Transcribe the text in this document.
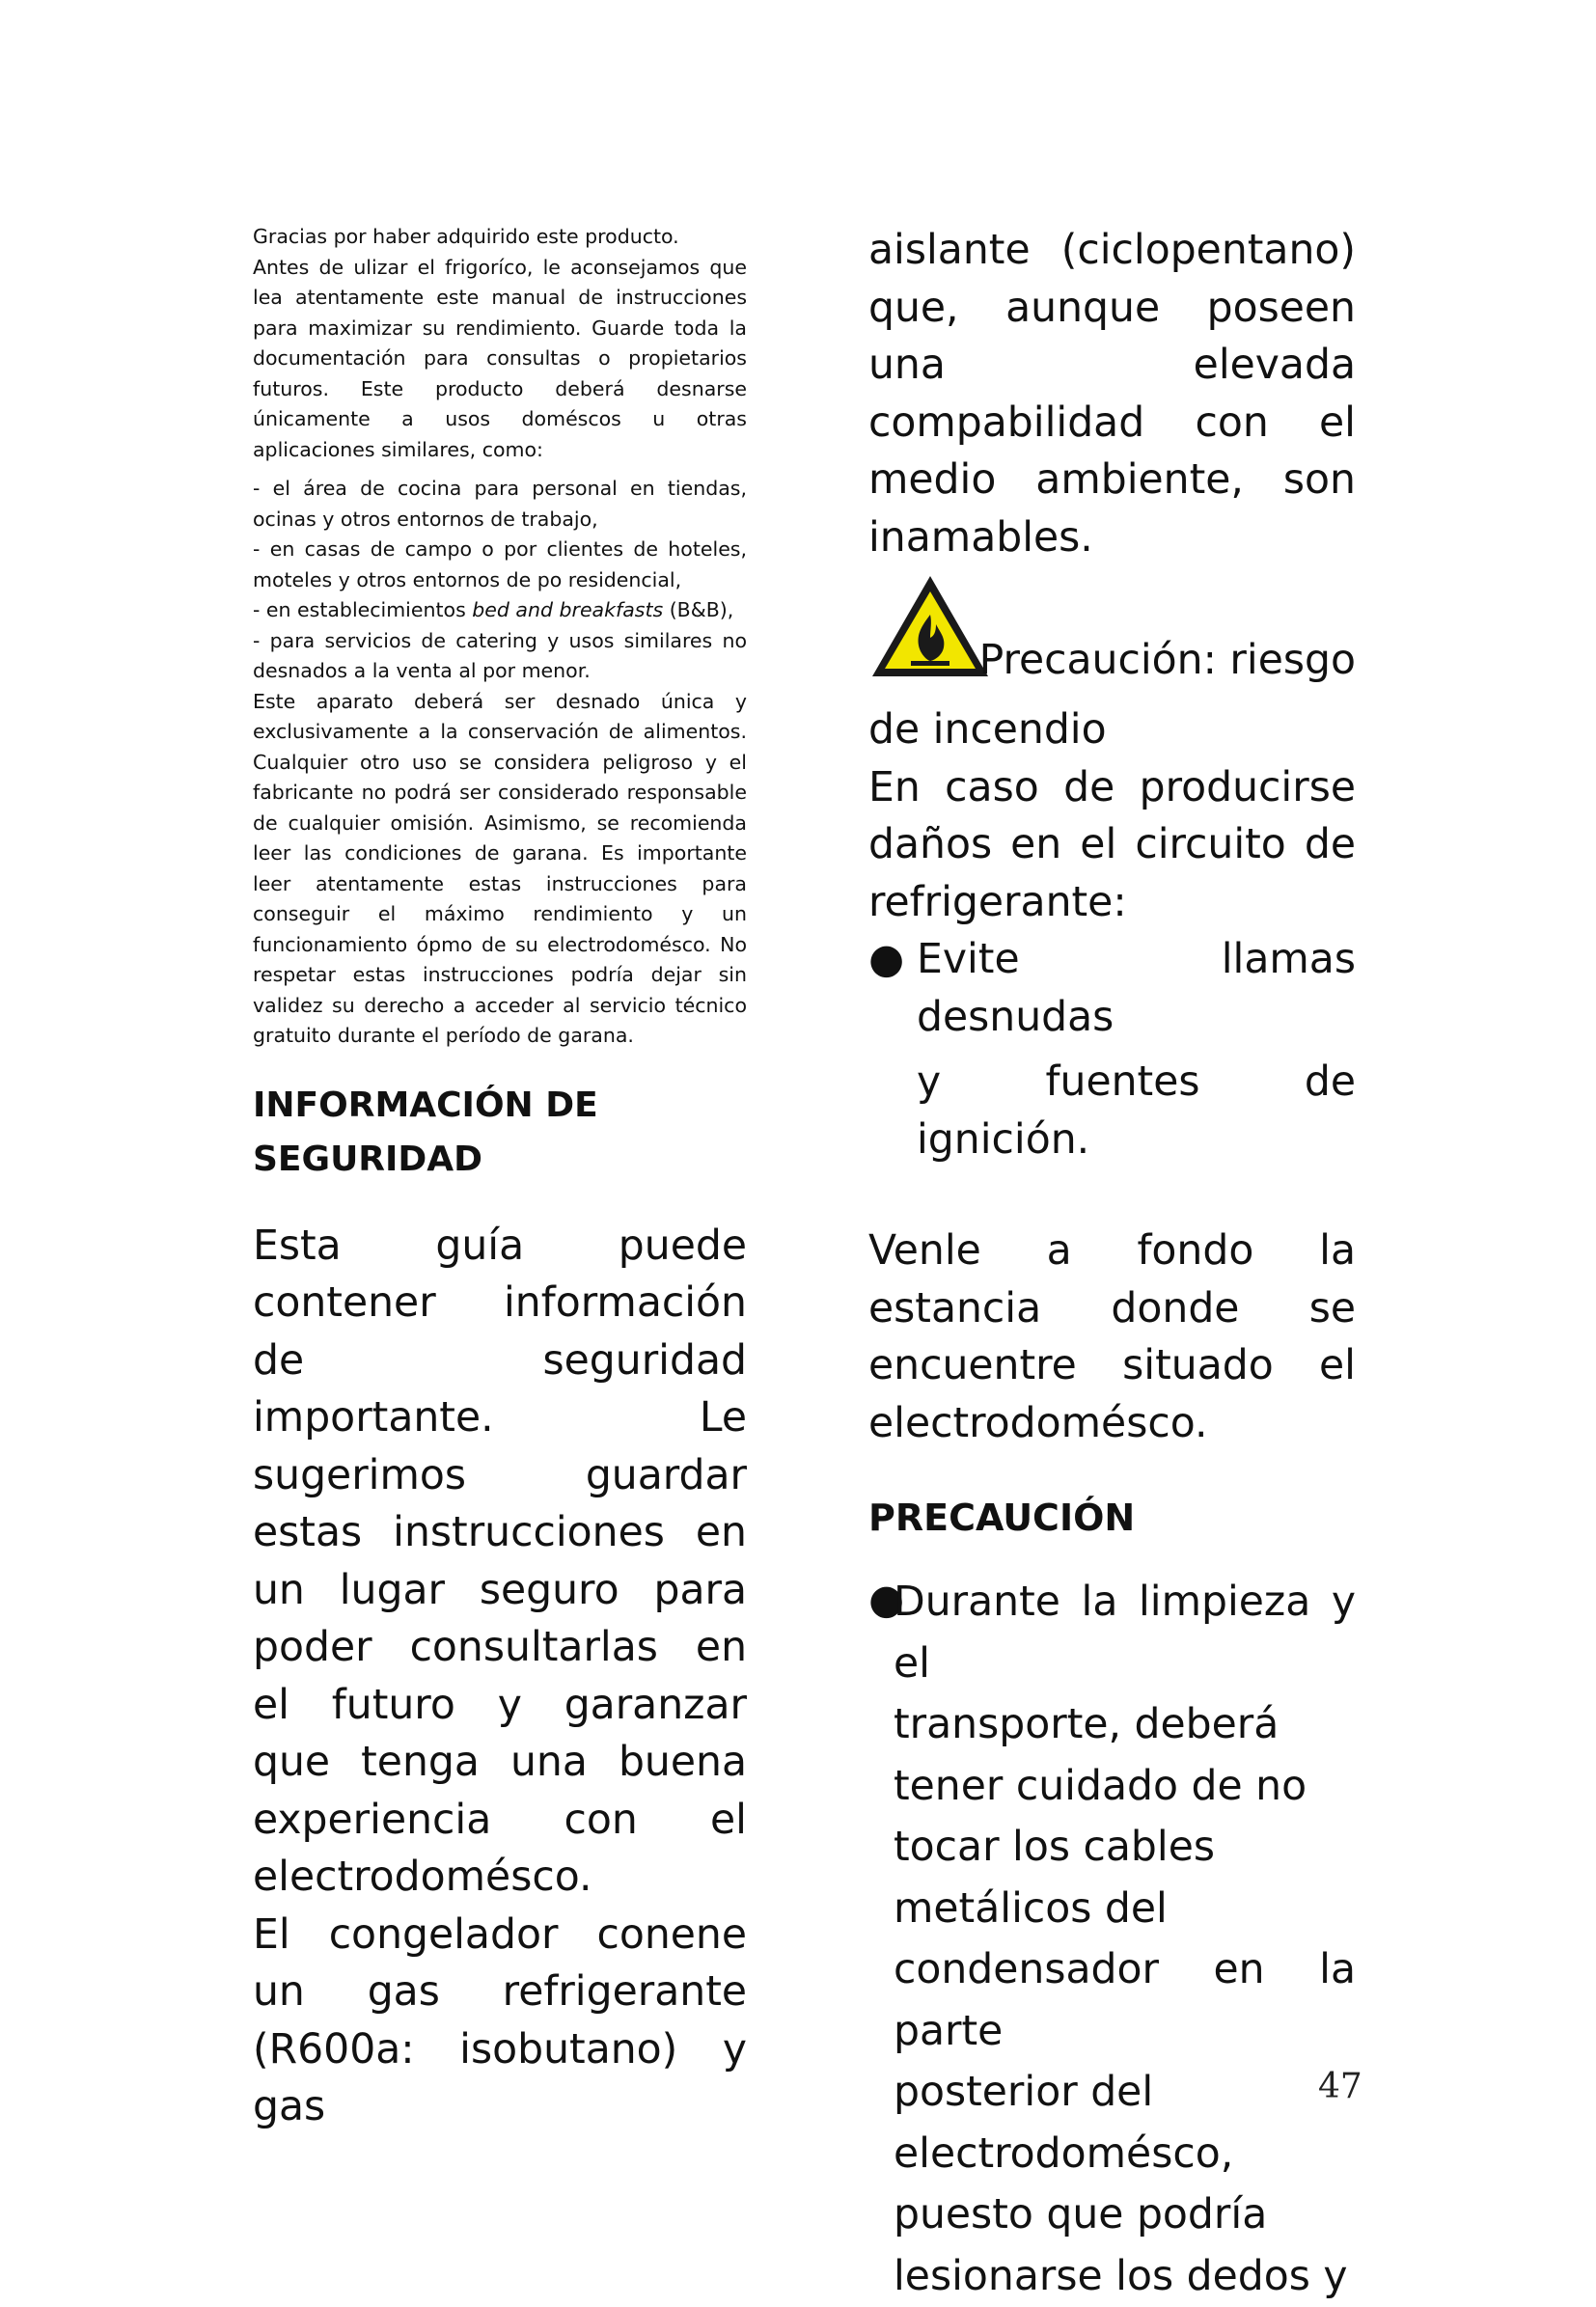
Gracias por haber adquirido este producto.

Antes de ulizar el frigoríco, le aconsejamos que lea atentamente este manual de instrucciones para maximizar su rendimiento. Guarde toda la documentación para consultas o propietarios futuros. Este producto deberá desnarse únicamente a usos doméscos u otras aplicaciones similares, como:

- el área de cocina para personal en tiendas, ocinas y otros entornos de trabajo,

- en casas de campo o por clientes de hoteles, moteles y otros entornos de po residencial,

- en establecimientos bed and breakfasts (B&B),

- para servicios de catering y usos similares no desnados a la venta al por menor.

Este aparato deberá ser desnado única y exclusivamente a la conservación de alimentos. Cualquier otro uso se considera peligroso y el fabricante no podrá ser considerado responsable de cualquier omisión. Asimismo, se recomienda leer las condiciones de garana. Es importante leer atentamente estas instrucciones para conseguir el máximo rendimiento y un funcionamiento ópmo de su electrodomésco. No respetar estas instrucciones podría dejar sin validez su derecho a acceder al servicio técnico gratuito durante el período de garana.

INFORMACIÓN DE SEGURIDAD

Esta guía puede contener información de seguridad importante. Le sugerimos guardar estas instrucciones en un lugar seguro para poder consultarlas en el futuro y garanzar que tenga una buena experiencia con el electrodomésco.

El congelador conene un gas refrigerante (R600a: isobutano) y gas

aislante (ciclopentano) que, aunque poseen una elevada compabilidad con el medio ambiente, son inamables.

Precaución: riesgo

de incendio

En caso de producirse daños en el circuito de refrigerante:

● Evite llamas desnudas

y fuentes de ignición.

Venle a fondo la estancia donde se encuentre situado el electrodomésco.

PRECAUCIÓN
●

Durante la limpieza y el

transporte, deberá

tener cuidado de no

tocar los cables

metálicos del

condensador en la parte

posterior del

electrodomésco,

puesto que podría

lesionarse los dedos y

47
